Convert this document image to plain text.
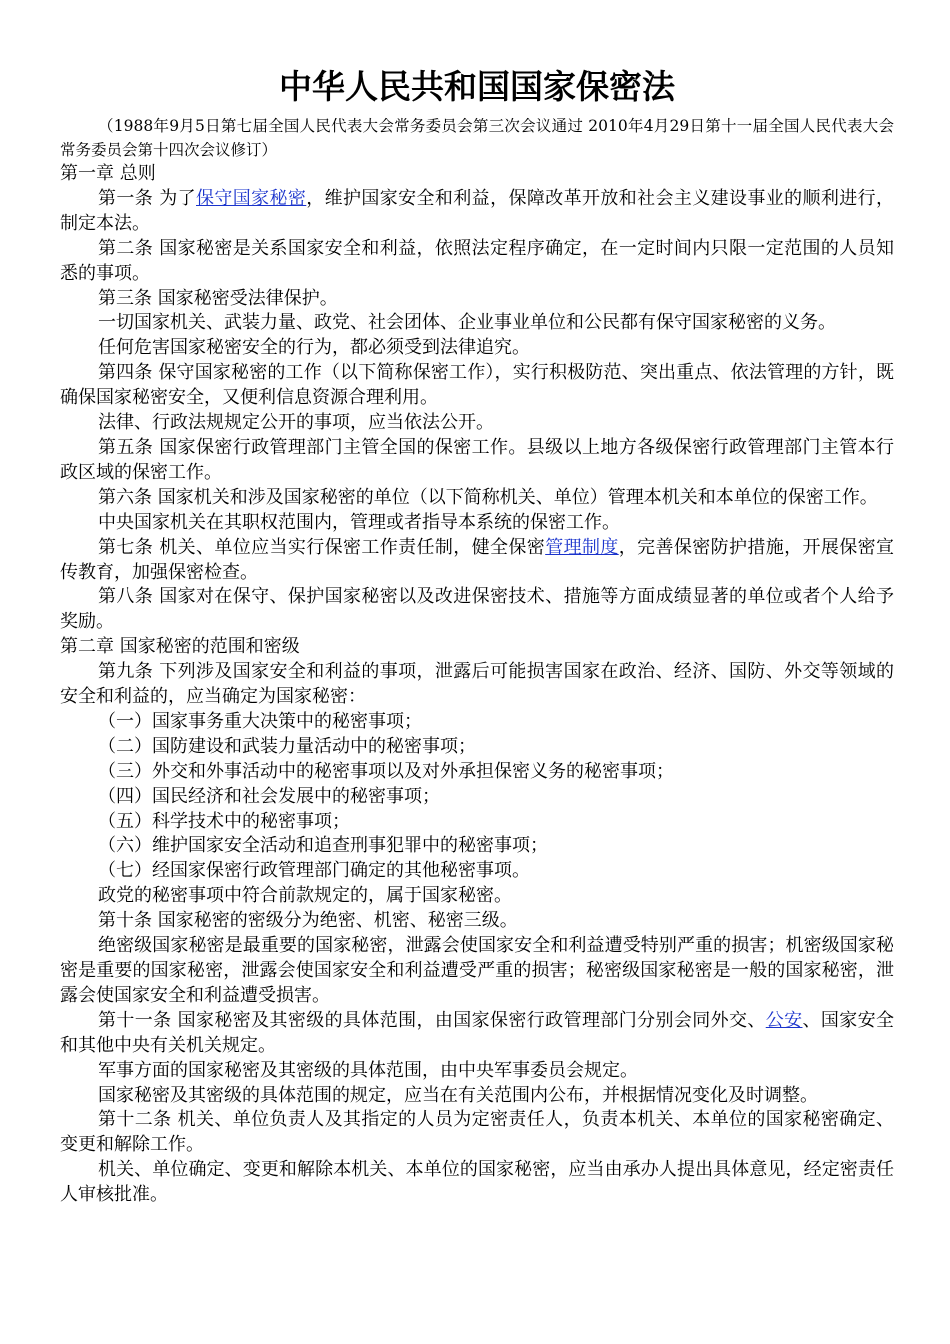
中华人民共和国国家保密法

（1988年9月5日第七届全国人民代表大会常务委员会第三次会议通过 2010年4月29日第十一届全国人民代表大会常务委员会第十四次会议修订）

第一章 总则

第一条 为了保守国家秘密，维护国家安全和利益，保障改革开放和社会主义建设事业的顺利进行，制定本法。

第二条 国家秘密是关系国家安全和利益，依照法定程序确定，在一定时间内只限一定范围的人员知悉的事项。

第三条 国家秘密受法律保护。

一切国家机关、武装力量、政党、社会团体、企业事业单位和公民都有保守国家秘密的义务。

任何危害国家秘密安全的行为，都必须受到法律追究。

第四条 保守国家秘密的工作（以下简称保密工作），实行积极防范、突出重点、依法管理的方针，既确保国家秘密安全，又便利信息资源合理利用。

法律、行政法规规定公开的事项，应当依法公开。

第五条 国家保密行政管理部门主管全国的保密工作。县级以上地方各级保密行政管理部门主管本行政区域的保密工作。

第六条 国家机关和涉及国家秘密的单位（以下简称机关、单位）管理本机关和本单位的保密工作。

中央国家机关在其职权范围内，管理或者指导本系统的保密工作。

第七条 机关、单位应当实行保密工作责任制，健全保密管理制度，完善保密防护措施，开展保密宣传教育，加强保密检查。

第八条 国家对在保守、保护国家秘密以及改进保密技术、措施等方面成绩显著的单位或者个人给予奖励。

第二章 国家秘密的范围和密级

第九条 下列涉及国家安全和利益的事项，泄露后可能损害国家在政治、经济、国防、外交等领域的安全和利益的，应当确定为国家秘密：

（一）国家事务重大决策中的秘密事项；

（二）国防建设和武装力量活动中的秘密事项；

（三）外交和外事活动中的秘密事项以及对外承担保密义务的秘密事项；

（四）国民经济和社会发展中的秘密事项；

（五）科学技术中的秘密事项；

（六）维护国家安全活动和追查刑事犯罪中的秘密事项；

（七）经国家保密行政管理部门确定的其他秘密事项。

政党的秘密事项中符合前款规定的，属于国家秘密。

第十条 国家秘密的密级分为绝密、机密、秘密三级。

绝密级国家秘密是最重要的国家秘密，泄露会使国家安全和利益遭受特别严重的损害；机密级国家秘密是重要的国家秘密，泄露会使国家安全和利益遭受严重的损害；秘密级国家秘密是一般的国家秘密，泄露会使国家安全和利益遭受损害。

第十一条 国家秘密及其密级的具体范围，由国家保密行政管理部门分别会同外交、公安、国家安全和其他中央有关机关规定。

军事方面的国家秘密及其密级的具体范围，由中央军事委员会规定。

国家秘密及其密级的具体范围的规定，应当在有关范围内公布，并根据情况变化及时调整。

第十二条 机关、单位负责人及其指定的人员为定密责任人，负责本机关、本单位的国家秘密确定、变更和解除工作。

机关、单位确定、变更和解除本机关、本单位的国家秘密，应当由承办人提出具体意见，经定密责任人审核批准。
